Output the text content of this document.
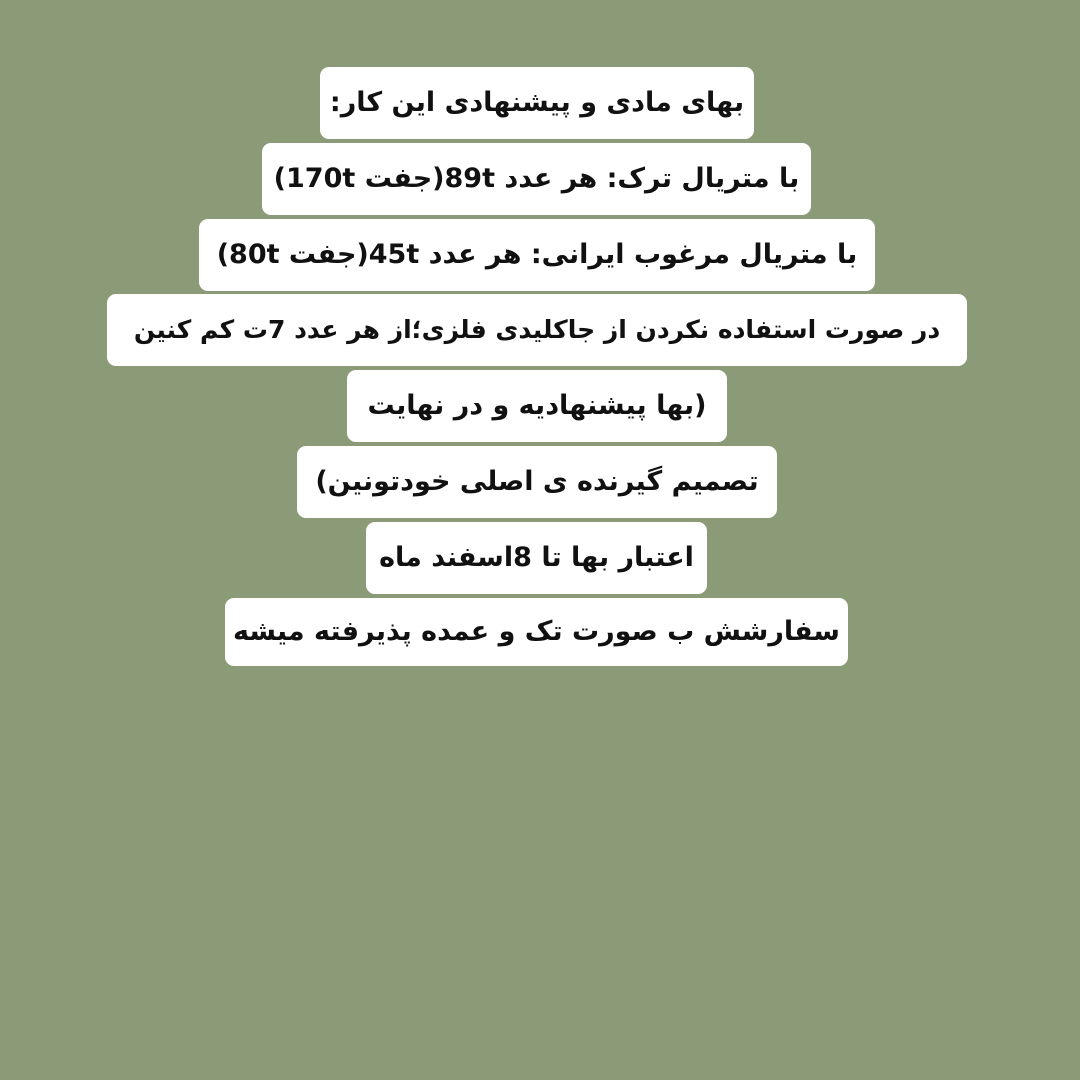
بهای مادی و پیشنهادی این کار:
با متریال ترک: هر عدد 89t(جفت 170t)
با متریال مرغوب ایرانی: هر عدد 45t(جفت 80t)
در صورت استفاده نکردن از جاکلیدی فلزی؛از هر عدد 7ت کم کنین
(بها پیشنهادیه و در نهایت
تصمیم گیرنده ی اصلی خودتونین)
اعتبار بها تا 8اسفند ماه
سفارشش ب صورت تک و عمده پذیرفته میشه
